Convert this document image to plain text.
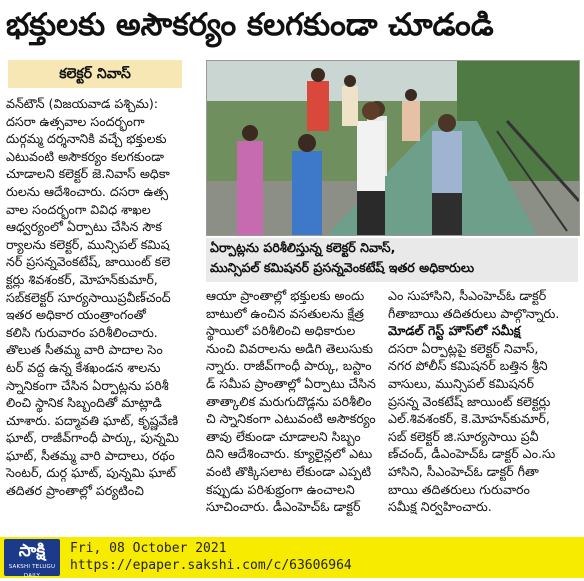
భక్తులకు అసౌకర్యం కలగకుండా చూడండి
కలెక్టర్‌ నివాస్‌
వన్‌టౌన్‌ (విజయవాడ పశ్చిమ):
దసరా ఉత్సవాల సందర్భంగా
దుర్గమ్మ దర్శనానికి వచ్చే భక్తులకు
ఎటువంటి అసౌకర్యం కలగకుండా
చూడాలని కలెక్టర్‌ జె.నివాస్‌ అధికా
రులను ఆదేశించారు. దసరా ఉత్స
వాల సందర్భంగా వివిధ శాఖల
ఆధ్వర్యంలో ఏర్పాటు చేసిన సౌక
ర్యాలను కలెక్టర్‌, మున్సిపల్‌ కమిష
నర్‌ ప్రసన్నవెంకటేష్‌, జాయింట్‌ కలె
క్టర్లు శివశంకర్‌, మోహన్‌కుమార్‌,
సబ్‌కలెక్టర్‌ సూర్యసాయిప్రవీణ్‌చంద్‌
ఇతర అధికార యంత్రాంగంతో
కలిసి గురువారం పరిశీలించారు.
తొలుత సీతమ్మ వారి పాదాల సెం
టర్‌ వద్ద ఉన్న కేశఖండన శాలను
స్నానికంగా చేసిన ఏర్పాట్లను పరిశీ
లించి స్థానిక సిబ్బందితో మాట్లాడి
చూశారు. పద్మావతి ఘాట్‌, కృష్ణవేణి
ఘాట్‌, రాజీవ్‌గాంధీ పార్కు, పున్నమి
ఘాట్‌, సీతమ్మ వారి పాదాలు, రథం
సెంటర్‌, దుర్గ ఘాట్‌, పున్నమి ఘాట్‌
తదితర ప్రాంతాల్లో పర్యటించి
ఏర్పాట్లను పరిశీలిస్తున్న కలెక్టర్‌ నివాస్‌,
మున్సిపల్‌ కమిషనర్‌ ప్రసన్నవెంకటేష్‌ ఇతర అధికారులు
ఆయా ప్రాంతాల్లో భక్తులకు అందు
బాటులో ఉంచిన వసతులను క్షేత్ర
స్థాయిలో పరిశీలించి అధికారుల
నుంచి వివరాలను అడిగి తెలుసుకు
న్నారు. రాజీవ్‌గాంధీ పార్కు, బస్టాం
డ్‌ సమీప ప్రాంతాల్లో ఏర్పాటు చేసిన
తాత్కాలిక మరుగుదొడ్లను పరిశీలిం
చి స్నానికంగా ఎటువంటి అసౌకర్యం
తావు లేకుండా చూడాలని సిబ్బం
దిని ఆదేశించారు. క్యూలైన్లలో ఎటు
వంటి తొక్కిసలాట లేకుండా ఎప్పటి
కప్పుడు పరిశుభ్రంగా ఉంచాలని
సూచించారు. డీఎంహెచ్‌ఓ డాక్టర్‌
ఎం సుహాసిని, సీఎంహెచ్‌ఓ డాక్టర్‌
గీతాబాయి తదితరులు పాల్గొన్నారు.
మోడల్‌ గెస్ట్‌ హౌస్‌లో సమీక్ష
దసరా ఏర్పాట్లపై కలెక్టర్‌ నివాస్‌,
నగర పోలీస్‌ కమిషనర్‌ బత్తిన శ్రీని
వాసులు, మున్సిపల్‌ కమిషనర్‌
ప్రసన్న వెంకటేష్‌ జాయింట్‌ కలెక్టర్లు
ఎల్‌.శివశంకర్‌, కె.మోహన్‌కుమార్‌,
సబ్‌ కలెక్టర్‌ జి.సూర్యసాయి ప్రవీ
ణ్‌చంద్‌, డీఎంహెచ్‌ఓ డాక్టర్‌ ఎం.సు
హాసిని, సీఎంహెచ్‌ఓ డాక్టర్‌ గీతా
బాయి తదితరులు గురువారం
సమీక్ష నిర్వహించారు.
సాక్షి
SAKSHI TELUGU DAILY
Fri, 08 October 2021
https://epaper.sakshi.com/c/63606964
